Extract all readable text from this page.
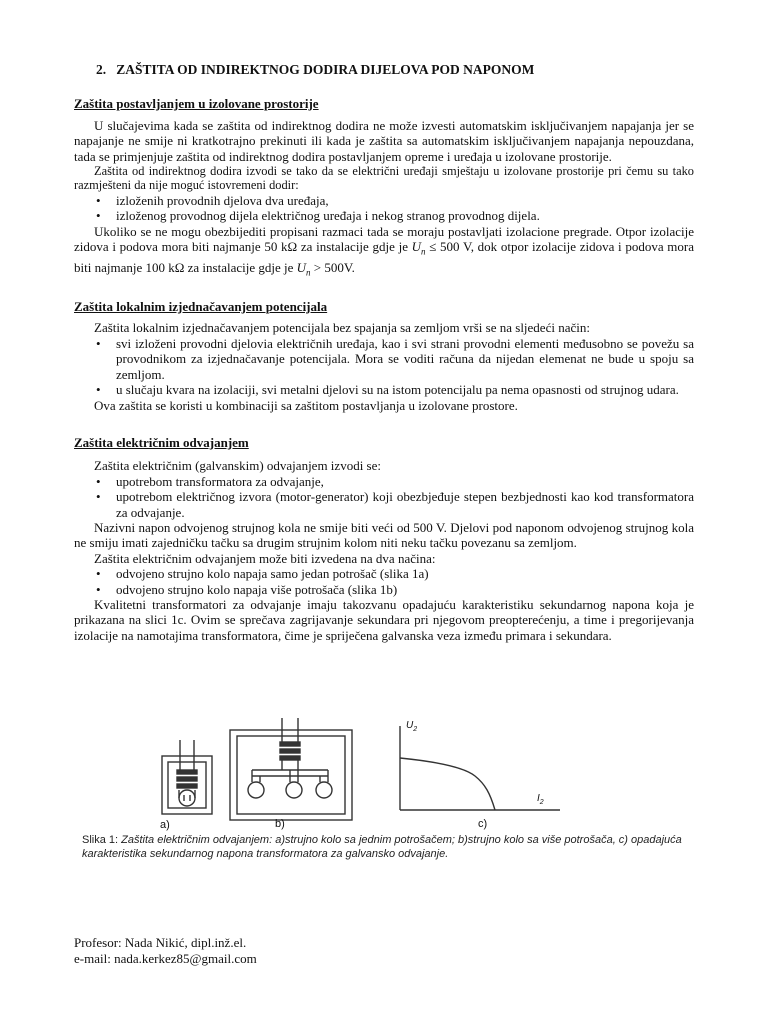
2. ZAŠTITA OD INDIREKTNOG DODIRA DIJELOVA POD NAPONOM
Zaštita postavljanjem u izolovane prostorije

U slučajevima kada se zaštita od indirektnog dodira ne može izvesti automatskim isključivanjem napajanja jer se napajanje ne smije ni kratkotrajno prekinuti ili kada je zaštita sa automatskim isključivanjem napajanja nepouzdana, tada se primjenjuje zaštita od indirektnog dodira postavljanjem opreme i uređaja u izolovane prostorije.

Zaštita od indirektnog dodira izvodi se tako da se električni uređaji smještaju u izolovane prostorije pri čemu su tako razmješteni da nije moguć istovremeni dodir:

• izloženih provodnih djelova dva uređaja,
• izloženog provodnog dijela električnog uređaja i nekog stranog provodnog dijela.

Ukoliko se ne mogu obezbijediti propisani razmaci tada se moraju postavljati izolacione pregrade. Otpor izolacije zidova i podova mora biti najmanje 50 kΩ za instalacije gdje je $U_n \le 500$ V, dok otpor izolacije zidova i podova mora biti najmanje 100 kΩ za instalacije gdje je $U_n > 500V$.

Zaštita lokalnim izjednačavanjem potencijala

Zaštita lokalnim izjednačavanjem potencijala bez spajanja sa zemljom vrši se na sljedeći način:

• svi izloženi provodni djeloviа električnih uređaja, kao i svi strani provodni elementi međusobno se povežu sa provodnikom za izjednačavanje potencijala. Mora se voditi računa da nijedan elemenat ne bude u spoju sa zemljom.
• u slučaju kvara na izolaciji, svi metalni djelovi su na istom potencijalu pa nema opasnosti od strujnog udara.

Ova zaštita se koristi u kombinaciji sa zaštitom postavljanja u izolovane prostore.

Zaštita električnim odvajanjem

Zaštita električnim (galvanskim) odvajanjem izvodi se:

• upotrebom transformatora za odvajanje,
• upotrebom električnog izvora (motor-generator) koji obezbjeđuje stepen bezbjednosti kao kod transformatora za odvajanje.

Nazivni napon odvojenog strujnog kola ne smije biti veći od 500 V. Djelovi pod naponom odvojenog strujnog kola ne smiju imati zajedničku tačku sa drugim strujnim kolom niti neku tačku povezanu sa zemljom.

Zaštita električnim odvajanjem može biti izvedena na dva načina:

• odvojeno strujno kolo napaja samo jedan potrošač (slika 1a)
• odvojeno strujno kolo napaja više potrošača (slika 1b)

Kvalitetni transformatori za odvajanje imaju takozvanu opadajuću karakteristiku sekundarnog napona koja je prikazana na slici 1c. Ovim se sprečava zagrijavanje sekundara pri njegovom preopterećenju, a time i pregorijevanja izolacije na namotajima transformatora, čime je spriječena galvanska veza između primara i sekundara.

a)	b)	c)
$U_2$
$I_2$
Slika 1: Zaštita električnim odvajanjem: a)strujno kolo sa jednim potrošačem; b)strujno kolo sa više potrošača, c) opadajuća karakteristika sekundarnog napona transformatora za galvansko odvajanje.
Profesor: Nada Nikić, dipl.inž.el.
e-mail: nada.kerkez85@gmail.com
